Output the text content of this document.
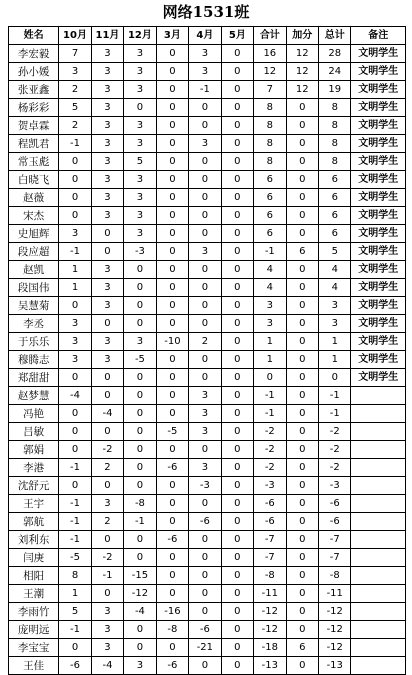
网络1531班
姓名	10月	11月	12月	3月	4月	5月	合计	加分	总计	备注
李宏毅	7	3	3	0	3	0	16	12	28	文明学生
孙小媛	3	3	3	0	3	0	12	12	24	文明学生
张亚鑫	2	3	3	0	-1	0	7	12	19	文明学生
杨彩彩	5	3	0	0	0	0	8	0	8	文明学生
贺卓霖	2	3	3	0	0	0	8	0	8	文明学生
程凯君	-1	3	3	0	3	0	8	0	8	文明学生
常玉彪	0	3	5	0	0	0	8	0	8	文明学生
白晓飞	0	3	3	0	0	0	6	0	6	文明学生
赵薇	0	3	3	0	0	0	6	0	6	文明学生
宋杰	0	3	3	0	0	0	6	0	6	文明学生
史旭辉	3	0	3	0	0	0	6	0	6	文明学生
段应超	-1	0	-3	0	3	0	-1	6	5	文明学生
赵凯	1	3	0	0	0	0	4	0	4	文明学生
段国伟	1	3	0	0	0	0	4	0	4	文明学生
吴慧菊	0	3	0	0	0	0	3	0	3	文明学生
李丞	3	0	0	0	0	0	3	0	3	文明学生
于乐乐	3	3	3	-10	2	0	1	0	1	文明学生
穆腾志	3	3	-5	0	0	0	1	0	1	文明学生
郑甜甜	0	0	0	0	0	0	0	0	0	文明学生
赵梦慧	-4	0	0	0	3	0	-1	0	-1	
冯艳	0	-4	0	0	3	0	-1	0	-1	
吕敏	0	0	0	-5	3	0	-2	0	-2	
郭娟	0	-2	0	0	0	0	-2	0	-2	
李港	-1	2	0	-6	3	0	-2	0	-2	
沈舒元	0	0	0	0	-3	0	-3	0	-3	
王宇	-1	3	-8	0	0	0	-6	0	-6	
郭航	-1	2	-1	0	-6	0	-6	0	-6	
刘利东	-1	0	0	-6	0	0	-7	0	-7	
闫庚	-5	-2	0	0	0	0	-7	0	-7	
相阳	8	-1	-15	0	0	0	-8	0	-8	
王潮	1	0	-12	0	0	0	-11	0	-11	
李雨竹	5	3	-4	-16	0	0	-12	0	-12	
庞明远	-1	3	0	-8	-6	0	-12	0	-12	
李宝宝	0	3	0	0	-21	0	-18	6	-12	
王佳	-6	-4	3	-6	0	0	-13	0	-13	
